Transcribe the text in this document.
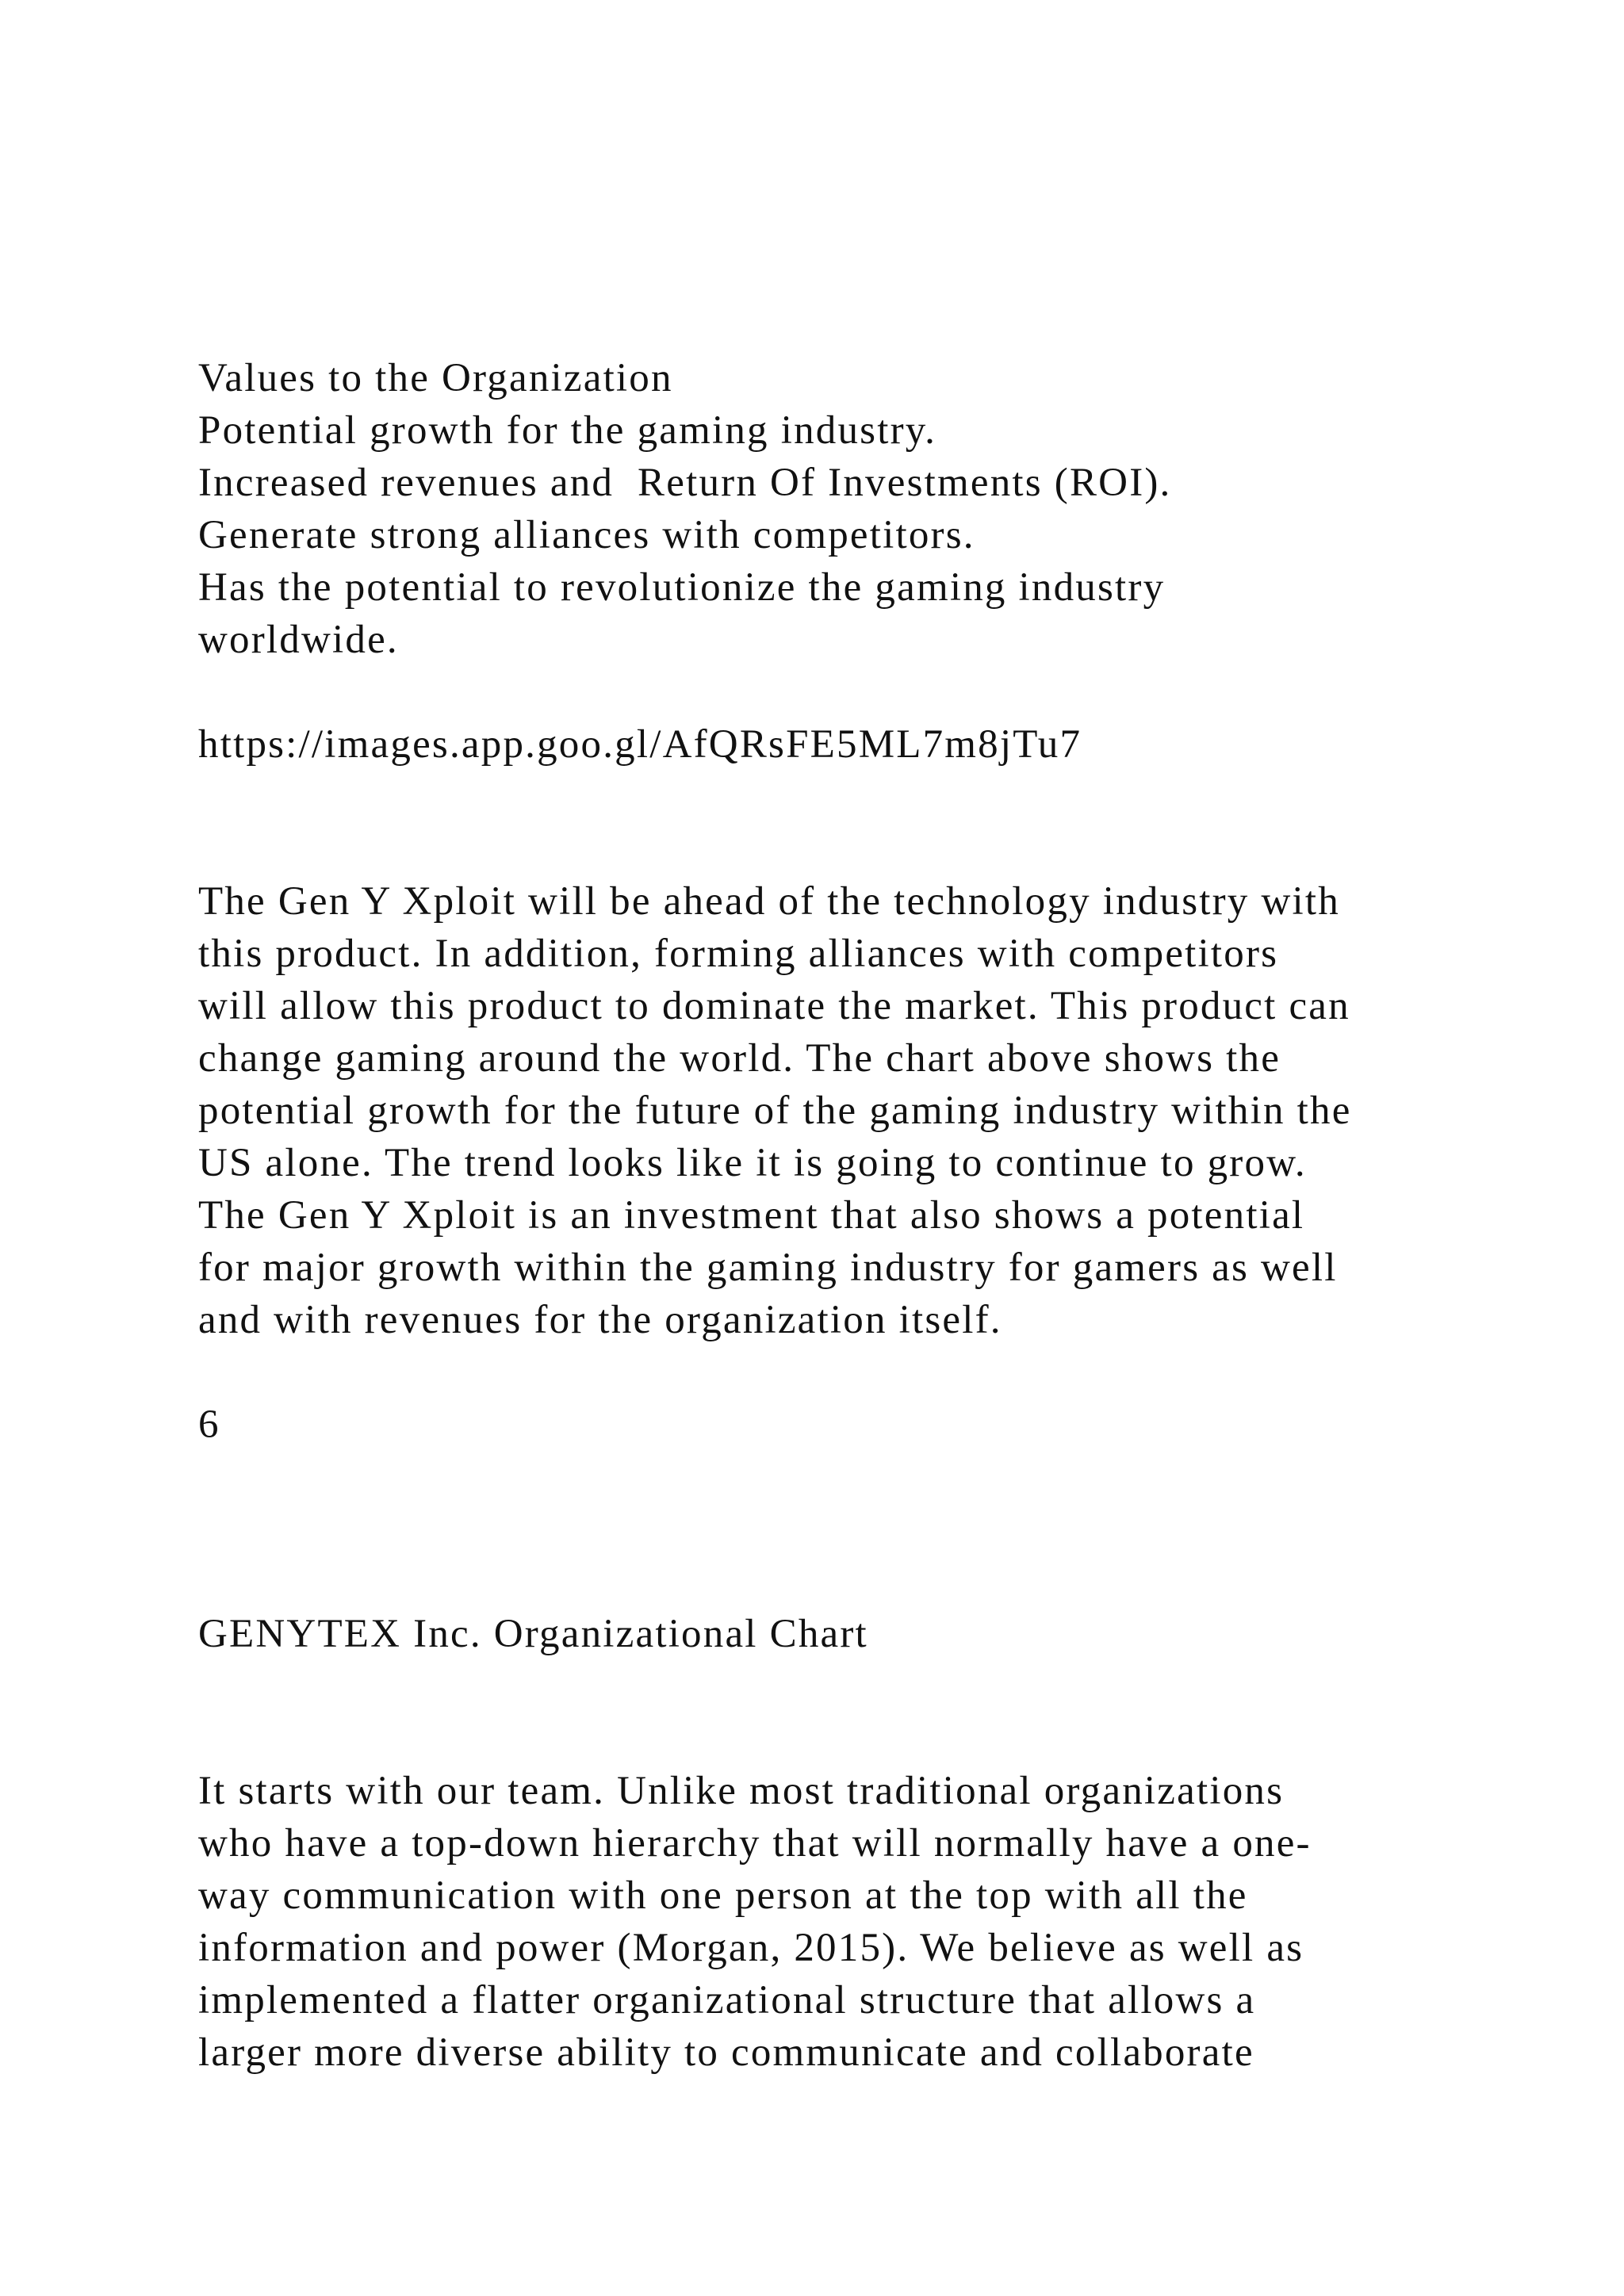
Values to the Organization
Potential growth for the gaming industry.
Increased revenues and  Return Of Investments (ROI).
Generate strong alliances with competitors.
Has the potential to revolutionize the gaming industry
worldwide.
https://images.app.goo.gl/AfQRsFE5ML7m8jTu7
The Gen Y Xploit will be ahead of the technology industry with
this product. In addition, forming alliances with competitors
will allow this product to dominate the market. This product can
change gaming around the world. The chart above shows the
potential growth for the future of the gaming industry within the
US alone. The trend looks like it is going to continue to grow.
The Gen Y Xploit is an investment that also shows a potential
for major growth within the gaming industry for gamers as well
and with revenues for the organization itself.
6
GENYTEX Inc. Organizational Chart
It starts with our team. Unlike most traditional organizations
who have a top-down hierarchy that will normally have a one-
way communication with one person at the top with all the
information and power (Morgan, 2015). We believe as well as
implemented a flatter organizational structure that allows a
larger more diverse ability to communicate and collaborate
